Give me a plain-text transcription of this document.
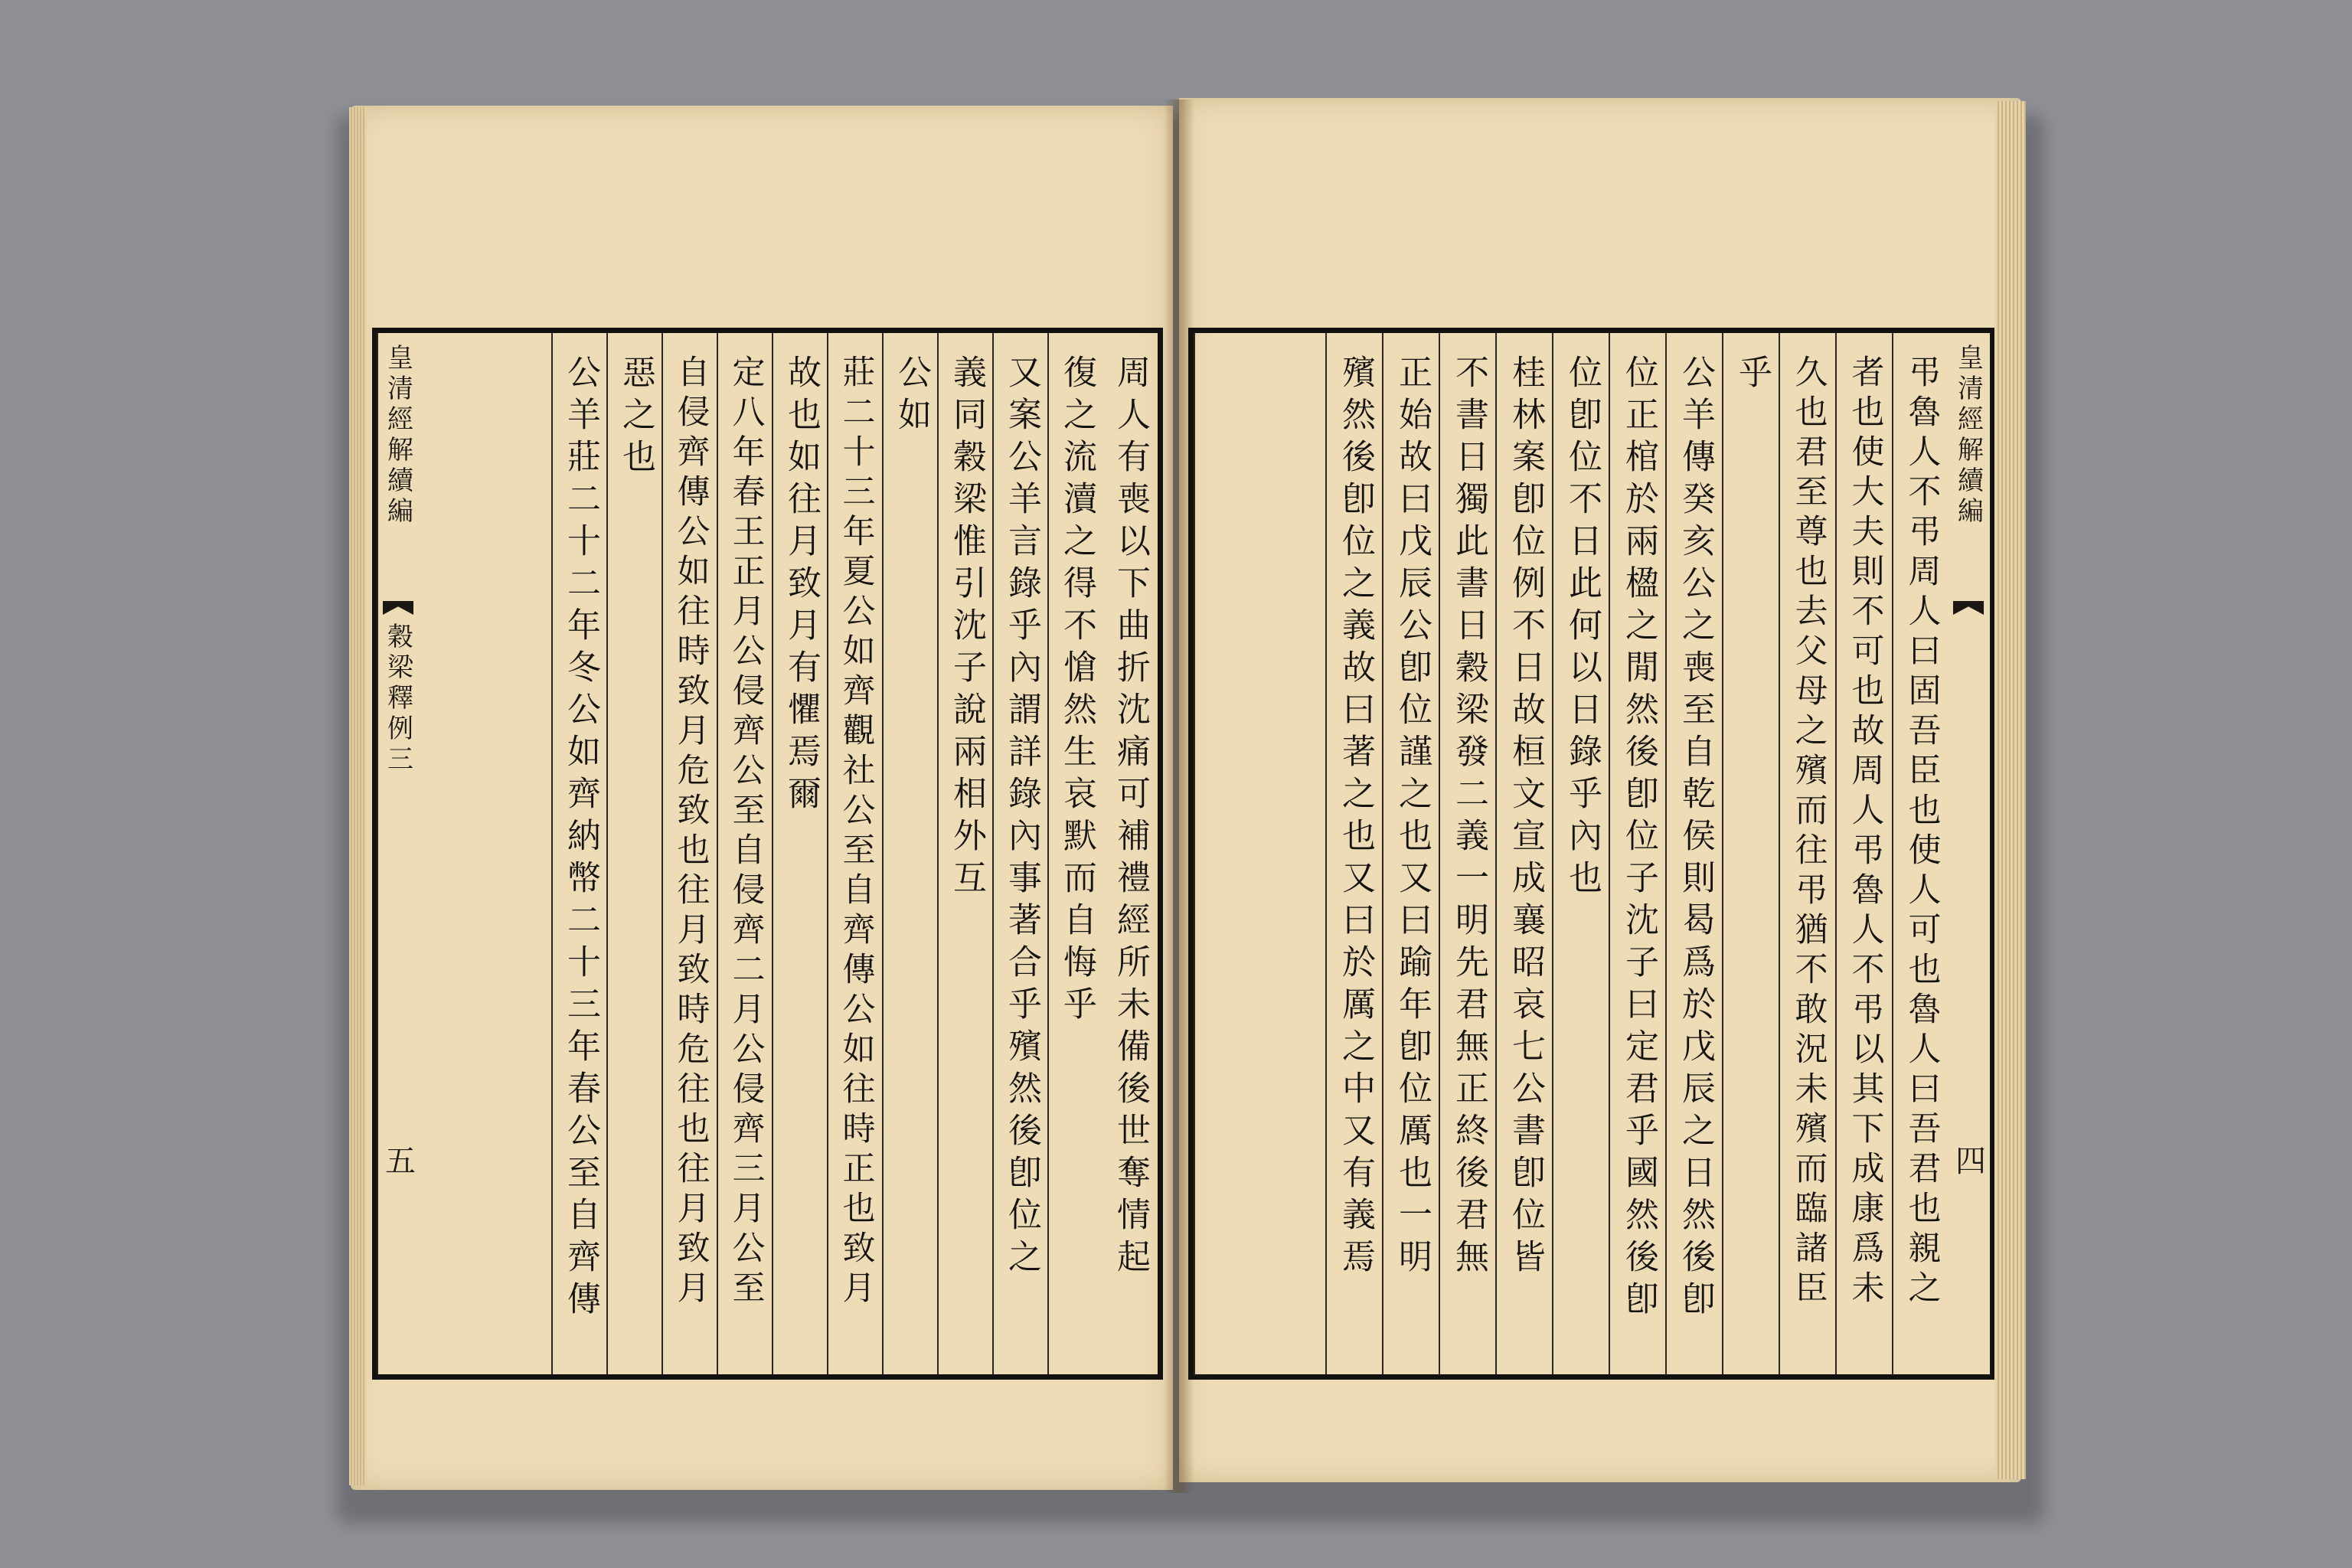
周人有喪以下曲折沈痛可補禮經所未備後世奪情起
復之流瀆之得不愴然生哀默而自悔乎
又案公羊言錄乎內謂詳錄內事著合乎殯然後卽位之
義同穀梁惟引沈子說兩相外互
公如
莊二十三年夏公如齊觀社公至自齊傳公如往時正也致月
故也如往月致月有懼焉爾
定八年春王正月公侵齊公至自侵齊二月公侵齊三月公至
自侵齊傳公如往時致月危致也往月致時危往也往月致月
惡之也
公羊莊二十二年冬公如齊納幣二十三年春公至自齊傳
皇清經解續編
穀梁釋例三
五
皇清經解續編
四
弔魯人不弔周人曰固吾臣也使人可也魯人曰吾君也親之
者也使大夫則不可也故周人弔魯人不弔以其下成康爲未
久也君至尊也去父母之殯而往弔猶不敢況未殯而臨諸臣
乎
公羊傳癸亥公之喪至自乾侯則曷爲於戊辰之日然後卽
位正棺於兩楹之閒然後卽位子沈子曰定君乎國然後卽
位卽位不日此何以日錄乎內也
桂林案卽位例不日故桓文宣成襄昭哀七公書卽位皆
不書日獨此書日穀梁發二義一明先君無正終後君無
正始故曰戊辰公卽位謹之也又曰踰年卽位厲也一明
殯然後卽位之義故曰著之也又曰於厲之中又有義焉
